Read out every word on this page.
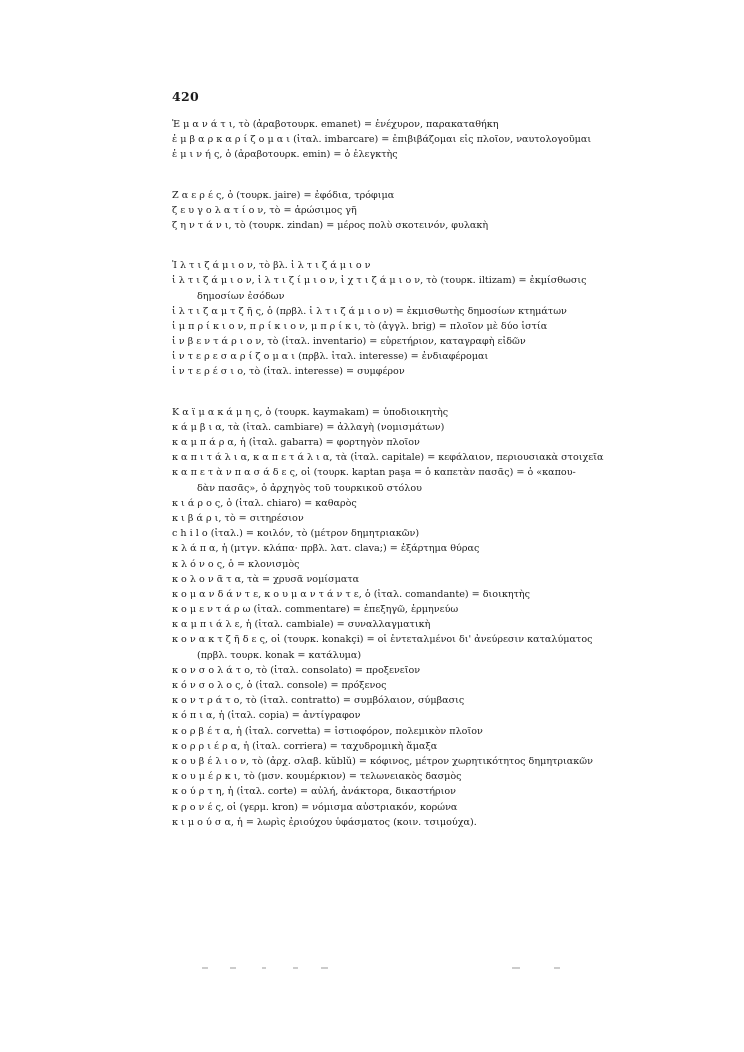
420
Ἑ μ α ν ά τ ι, τὸ (ἀραβοτουρκ. emanet) = ἐνέχυρον, παρακαταθήκη
ἐ μ β α ρ κ α ρ ί ζ ο μ α ι (ἰταλ. imbarcare) = ἐπιβιβάζομαι εἰς πλοῖον, ναυτολογοῦμαι
ἐ μ ι ν ή ς, ὁ (ἀραβοτουρκ. emin) = ὁ ἐλεγκτὴς
Ζ α ε ρ έ ς, ὁ (τουρκ. jaire) = ἐφόδια, τρόφιμα
ζ ε υ γ ο λ α τ ί ο ν, τὸ = ἀρώσιμος γῆ
ζ η ν τ ά ν ι, τὸ (τουρκ. zindan) = μέρος πολὺ σκοτεινόν, φυλακὴ
Ἰ λ τ ι ζ ά μ ι ο ν, τὸ βλ. ἰ λ τ ι ζ ά μ ι ο ν
ἰ λ τ ι ζ ά μ ι ο ν, ἰ λ τ ι ζ ί μ ι ο ν, ἰ χ τ ι ζ ά μ ι ο ν, τὸ (τουρκ. iltizam) = ἐκμίσθωσις
δημοσίων ἐσόδων
ἰ λ τ ι ζ α μ τ ζ ῆ ς, ὁ (πρβλ. ἰ λ τ ι ζ ά μ ι ο ν) = ἐκμισθωτὴς δημοσίων κτημάτων
ἰ μ π ρ ί κ ι ο ν, π ρ ί κ ι ο ν, μ π ρ ί κ ι, τὸ (ἀγγλ. brig) = πλοῖον μὲ δύο ἱστία
ἰ ν β ε ν τ ά ρ ι ο ν, τὸ (ἰταλ. inventario) = εὑρετήριον, καταγραφὴ εἰδῶν
ἰ ν τ ε ρ ε σ α ρ ί ζ ο μ α ι (πρβλ. ἰταλ. interesse) = ἐνδιαφέρομαι
ἰ ν τ ε ρ έ σ ι ο, τὸ (ἰταλ. interesse) = συμφέρον
Κ α ϊ μ α κ ά μ η ς, ὁ (τουρκ. kaymakam) = ὑποδιοικητὴς
κ ά μ β ι α, τὰ (ἰταλ. cambiare) = ἀλλαγὴ (νομισμάτων)
κ α μ π ά ρ α, ἡ (ἰταλ. gabarra) = φορτηγὸν πλοῖον
κ α π ι τ ά λ ι α, κ α π ε τ ά λ ι α, τὰ (ἰταλ. capitale) = κεφάλαιον, περιουσιακὰ στοιχεῖα
κ α π ε τ ὰ ν π α σ ά δ ε ς, οἱ (τουρκ. kaptan paşa = ὁ καπετὰν πασᾶς) = ὁ «καπου-
δὰν πασᾶς», ὁ ἀρχηγὸς τοῦ τουρκικοῦ στόλου
κ ι ά ρ ο ς, ὁ (ἰταλ. chiaro) = καθαρὸς
κ ι β ά ρ ι, τὸ = σιτηρέσιον
c h i l o (ἰταλ.) = κοιλόν, τὸ (μέτρον δημητριακῶν)
κ λ ά π α, ἡ (μτγν. κλάπα· πρβλ. λατ. clava;) = ἐξάρτημα θύρας
κ λ ό ν ο ς, ὁ = κλονισμὸς
κ ο λ ο ν ᾶ τ α, τὰ = χρυσᾶ νομίσματα
κ ο μ α ν δ ά ν τ ε, κ ο υ μ α ν τ ά ν τ ε, ὁ (ἰταλ. comandante) = διοικητὴς
κ ο μ ε ν τ ά ρ ω (ἰταλ. commentare) = ἐπεξηγῶ, ἑρμηνεύω
κ α μ π ι ά λ ε, ἡ (ἰταλ. cambiale) = συναλλαγματικὴ
κ ο ν α κ τ ζ ῆ δ ε ς, οἱ (τουρκ. konakçi) = οἱ ἐντεταλμένοι δι' ἀνεύρεσιν καταλύματος
(πρβλ. τουρκ. konak = κατάλυμα)
κ ο ν σ ο λ ά τ ο, τὸ (ἰταλ. consolato) = προξενεῖον
κ ό ν σ ο λ ο ς, ὁ (ἰταλ. console) = πρόξενος
κ ο ν τ ρ ά τ ο, τὸ (ἰταλ. contratto) = συμβόλαιον, σύμβασις
κ ό π ι α, ἡ (ἰταλ. copia) = ἀντίγραφον
κ ο ρ β έ τ α, ἡ (ἰταλ. corvetta) = ἱστιοφόρον, πολεμικὸν πλοῖον
κ ο ρ ρ ι έ ρ α, ἡ (ἰταλ. corriera) = ταχυδρομικὴ ἅμαξα
κ ο υ β έ λ ι ο ν, τὸ (ἀρχ. σλαβ. kŭblŭ) = κόφινος, μέτρον χωρητικότητος δημητριακῶν
κ ο υ μ έ ρ κ ι, τὸ (μσν. κουμέρκιον) = τελωνειακὸς δασμὸς
κ ο ύ ρ τ η, ἡ (ἰταλ. corte) = αὐλή, ἀνάκτορα, δικαστήριον
κ ρ ο ν έ ς, οἱ (γερμ. kron) = νόμισμα αὐστριακόν, κορώνα
κ ι μ ο ύ σ α, ἡ = λωρὶς ἐριούχου ὑφάσματος (κοιν. τσιμούχα).
